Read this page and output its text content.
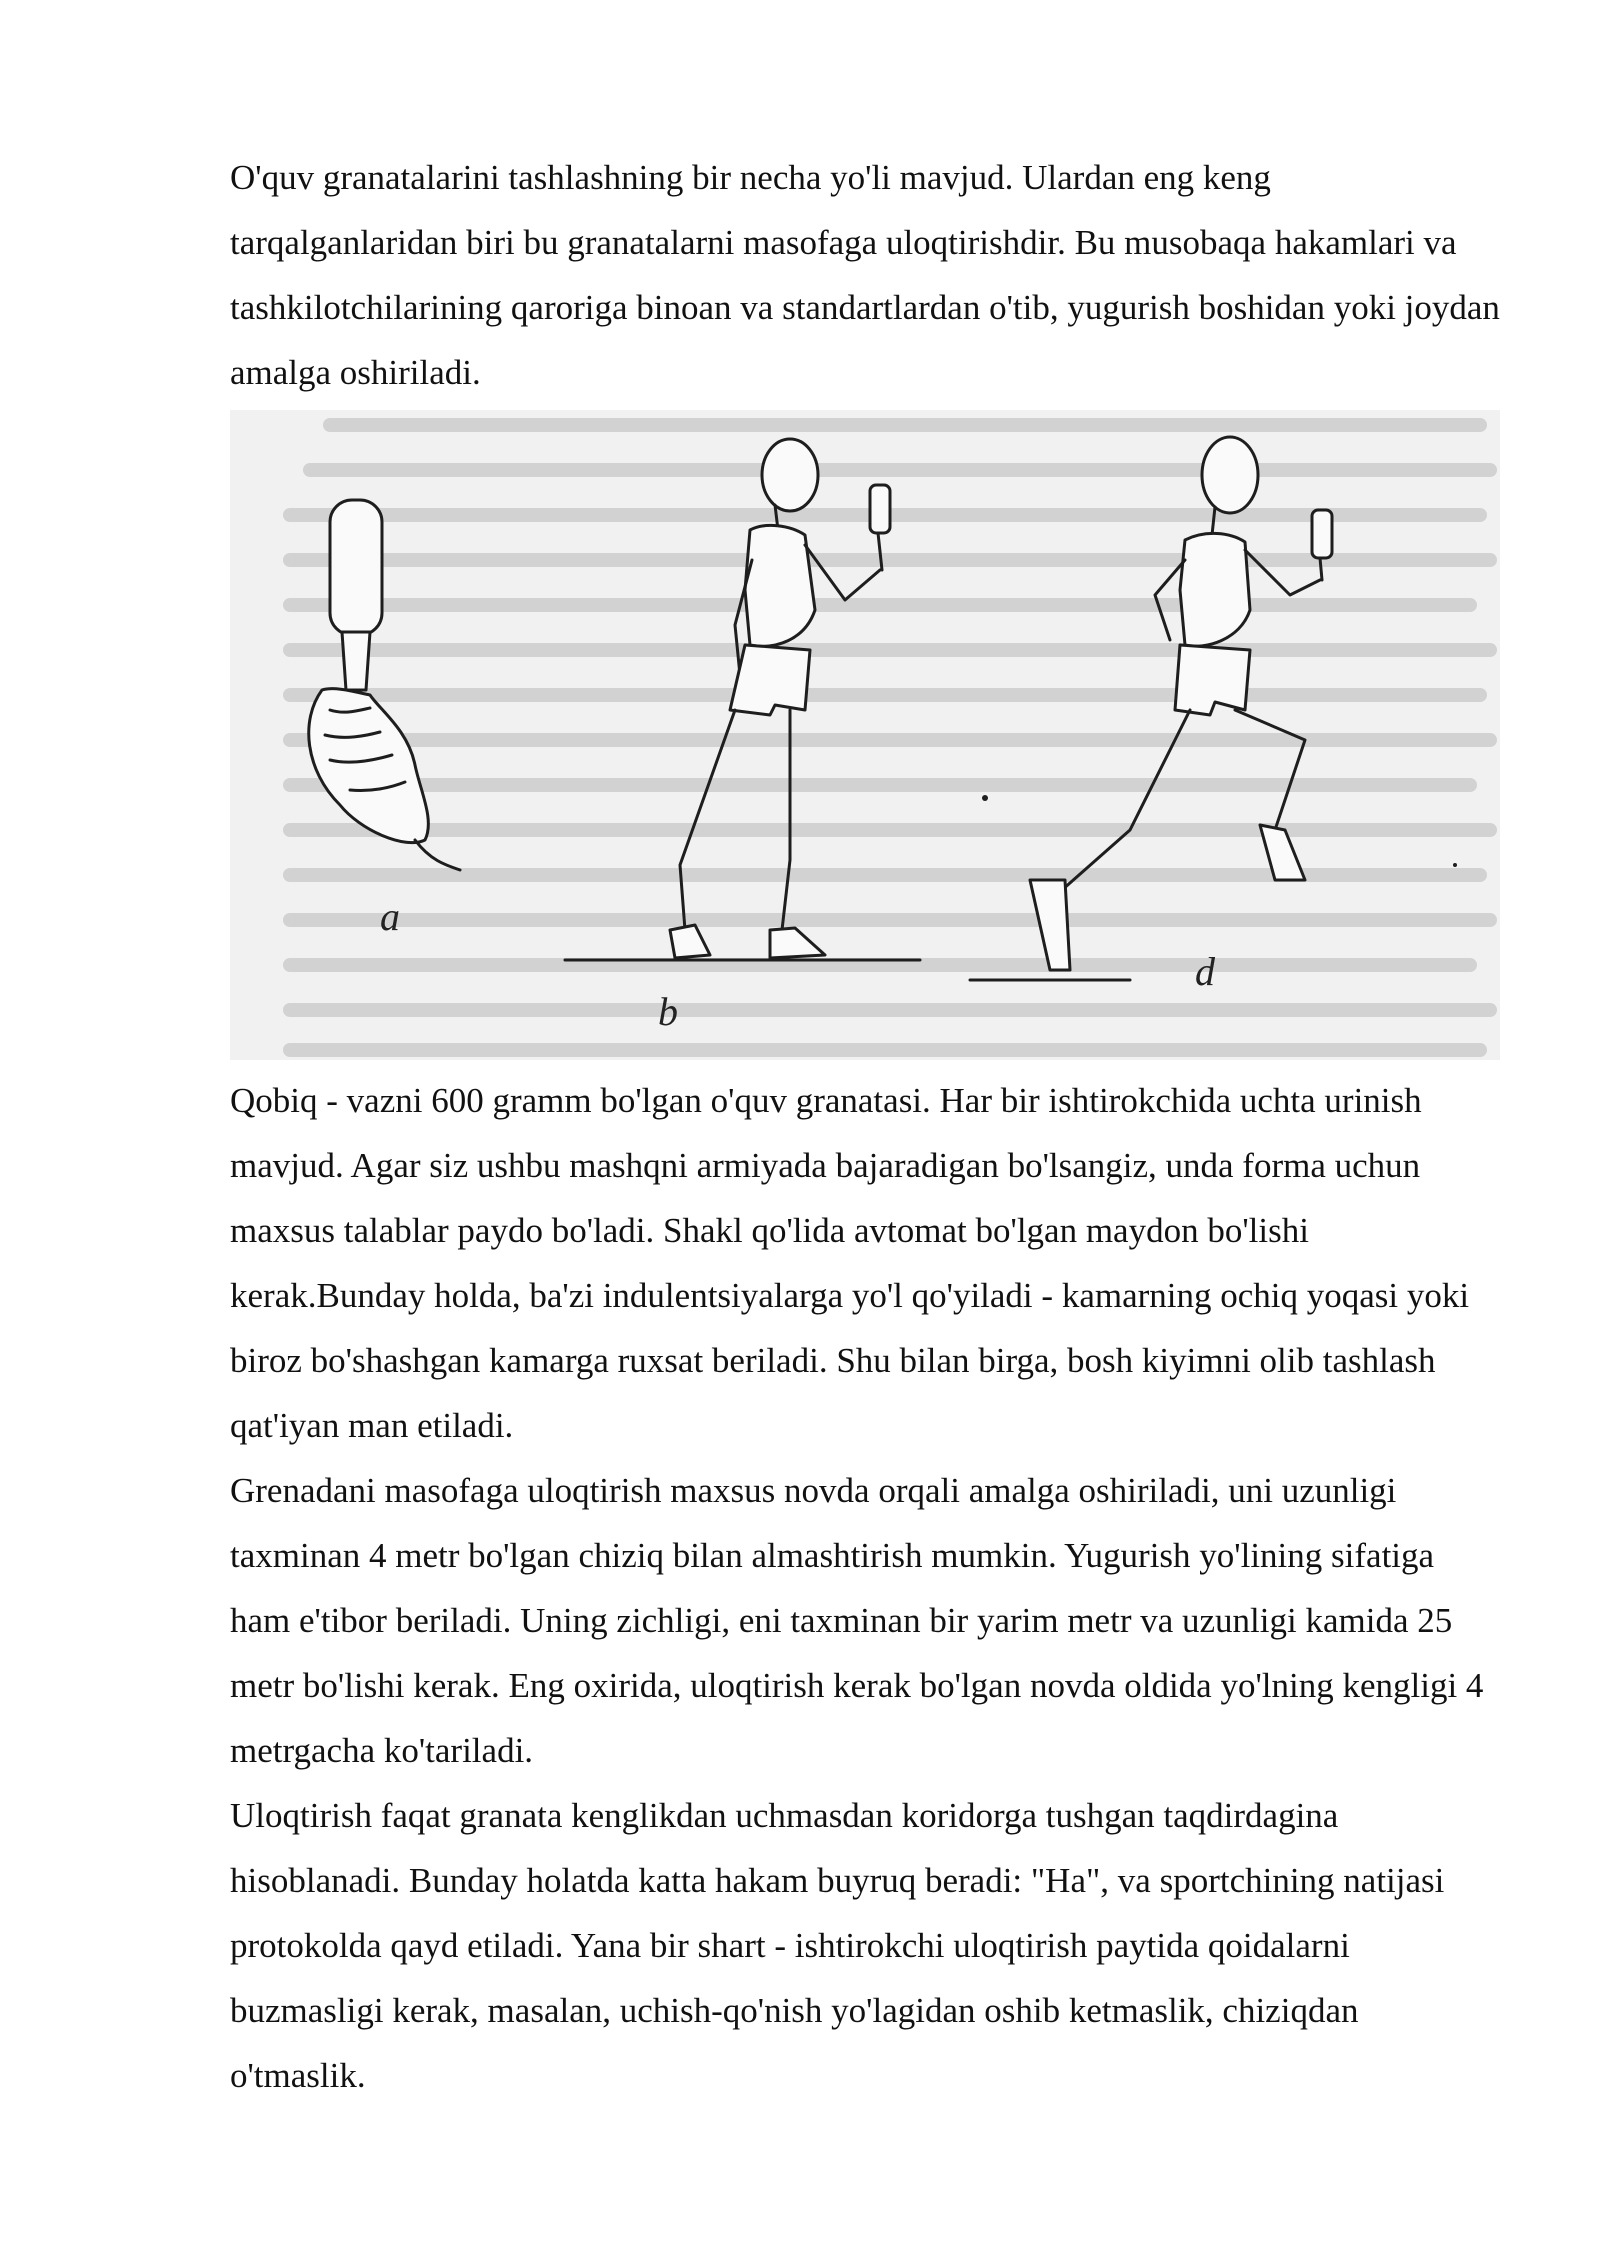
O'quv granatalarini tashlashning bir necha yo'li mavjud. Ulardan eng keng tarqalganlaridan biri bu granatalarni masofaga uloqtirishdir. Bu musobaqa hakamlari va tashkilotchilarining qaroriga binoan va standartlardan o'tib, yugurish boshidan yoki joydan amalga oshiriladi.

a
b
d

Qobiq - vazni 600 gramm bo'lgan o'quv granatasi. Har bir ishtirokchida uchta urinish mavjud. Agar siz ushbu mashqni armiyada bajaradigan bo'lsangiz, unda forma uchun maxsus talablar paydo bo'ladi. Shakl qo'lida avtomat bo'lgan maydon bo'lishi kerak.Bunday holda, ba'zi indulentsiyalarga yo'l qo'yiladi - kamarning ochiq yoqasi yoki biroz bo'shashgan kamarga ruxsat beriladi. Shu bilan birga, bosh kiyimni olib tashlash qat'iyan man etiladi.

Grenadani masofaga uloqtirish maxsus novda orqali amalga oshiriladi, uni uzunligi taxminan 4 metr bo'lgan chiziq bilan almashtirish mumkin. Yugurish yo'lining sifatiga ham e'tibor beriladi. Uning zichligi, eni taxminan bir yarim metr va uzunligi kamida 25 metr bo'lishi kerak. Eng oxirida, uloqtirish kerak bo'lgan novda oldida yo'lning kengligi 4 metrgacha ko'tariladi.

Uloqtirish faqat granata kenglikdan uchmasdan koridorga tushgan taqdirdagina hisoblanadi. Bunday holatda katta hakam buyruq beradi: "Ha", va sportchining natijasi protokolda qayd etiladi. Yana bir shart - ishtirokchi uloqtirish paytida qoidalarni buzmasligi kerak, masalan, uchish-qo'nish yo'lagidan oshib ketmaslik, chiziqdan o'tmaslik.
